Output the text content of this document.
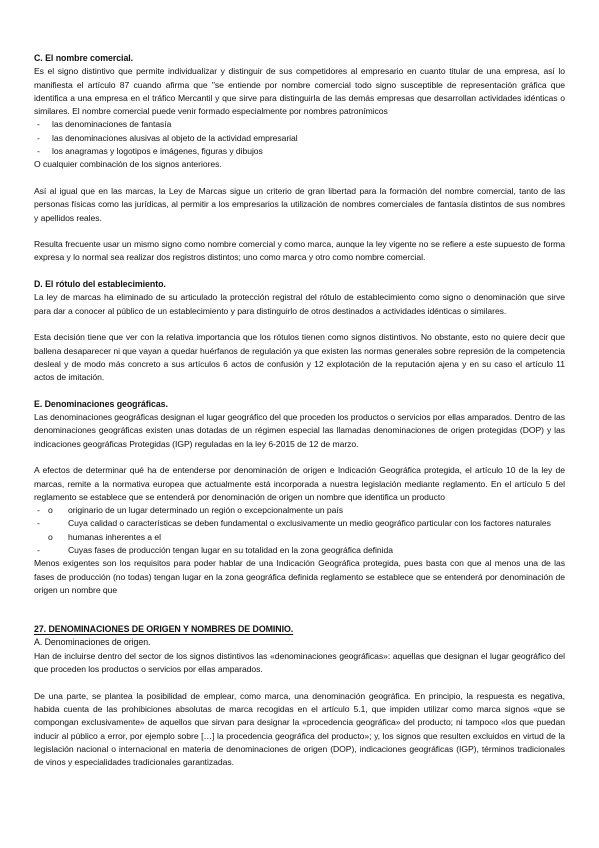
C. El nombre comercial.

Es el signo distintivo que permite individualizar y distinguir de sus competidores al empresario en cuanto titular de una empresa, así lo manifiesta el artículo 87 cuando afirma que "se entiende por nombre comercial todo signo susceptible de representación gráfica que identifica a una empresa en el tráfico Mercantil y que sirve para distinguirla de las demás empresas que desarrollan actividades idénticas o similares. El nombre comercial puede venir formado especialmente por nombres patronímicos

- las denominaciones de fantasía
- las denominaciones alusivas al objeto de la actividad empresarial
- los anagramas y logotipos e imágenes, figuras y dibujos

O cualquier combinación de los signos anteriores.

Así al igual que en las marcas, la Ley de Marcas sigue un criterio de gran libertad para la formación del nombre comercial, tanto de las personas físicas como las jurídicas, al permitir a los empresarios la utilización de nombres comerciales de fantasía distintos de sus nombres y apellidos reales.

Resulta frecuente usar un mismo signo como nombre comercial y como marca, aunque la ley vigente no se refiere a este supuesto de forma expresa y lo normal sea realizar dos registros distintos; uno como marca y otro como nombre comercial.

D. El rótulo del establecimiento.

La ley de marcas ha eliminado de su articulado la protección registral del rótulo de establecimiento como signo o denominación que sirve para dar a conocer al público de un establecimiento y para distinguirlo de otros destinados a actividades idénticas o similares.

Esta decisión tiene que ver con la relativa importancia que los rótulos tienen como signos distintivos. No obstante, esto no quiere decir que ballena desaparecer ni que vayan a quedar huérfanos de regulación ya que existen las normas generales sobre represión de la competencia desleal y de modo más concreto a sus artículos 6 actos de confusión y 12 explotación de la reputación ajena y en su caso el artículo 11 actos de imitación.

E. Denominaciones geográficas.

Las denominaciones geográficas designan el lugar geográfico del que proceden los productos o servicios por ellas amparados. Dentro de las denominaciones geográficas existen unas dotadas de un régimen especial las llamadas denominaciones de origen protegidas (DOP) y las indicaciones geográficas Protegidas (IGP) reguladas en la ley 6-2015 de 12 de marzo.

A efectos de determinar qué ha de entenderse por denominación de origen e Indicación Geográfica protegida, el artículo 10 de la ley de marcas, remite a la normativa europea que actualmente está incorporada a nuestra legislación mediante reglamento. En el artículo 5 del reglamento se establece que se entenderá por denominación de origen un nombre que identifica un producto

- o originario de un lugar determinado un región o excepcionalmente un país
- Cuya calidad o características se deben fundamental o exclusivamente un medio geográfico particular con los factores naturales
o humanas inherentes a el
- Cuyas fases de producción tengan lugar en su totalidad en la zona geográfica definida

Menos exigentes son los requisitos para poder hablar de una Indicación Geográfica protegida, pues basta con que al menos una de las fases de producción (no todas) tengan lugar en la zona geográfica definida reglamento se establece que se entenderá por denominación de origen un nombre que

27. DENOMINACIONES DE ORIGEN Y NOMBRES DE DOMINIO.
A. Denominaciones de origen.

Han de incluirse dentro del sector de los signos distintivos las «denominaciones geográficas»: aquellas que designan el lugar geográfico del que proceden los productos o servicios por ellas amparados.

De una parte, se plantea la posibilidad de emplear, como marca, una denominación geográfica. En principio, la respuesta es negativa, habida cuenta de las prohibiciones absolutas de marca recogidas en el artículo 5.1, que impiden utilizar como marca signos «que se compongan exclusivamente» de aquellos que sirvan para designar la «procedencia geográfica» del producto; ni tampoco «los que puedan inducir al público a error, por ejemplo sobre […] la procedencia geográfica del producto»; y, los signos que resulten excluidos en virtud de la legislación nacional o internacional en materia de denominaciones de origen (DOP), indicaciones geográficas (IGP), términos tradicionales de vinos y especialidades tradicionales garantizadas.
